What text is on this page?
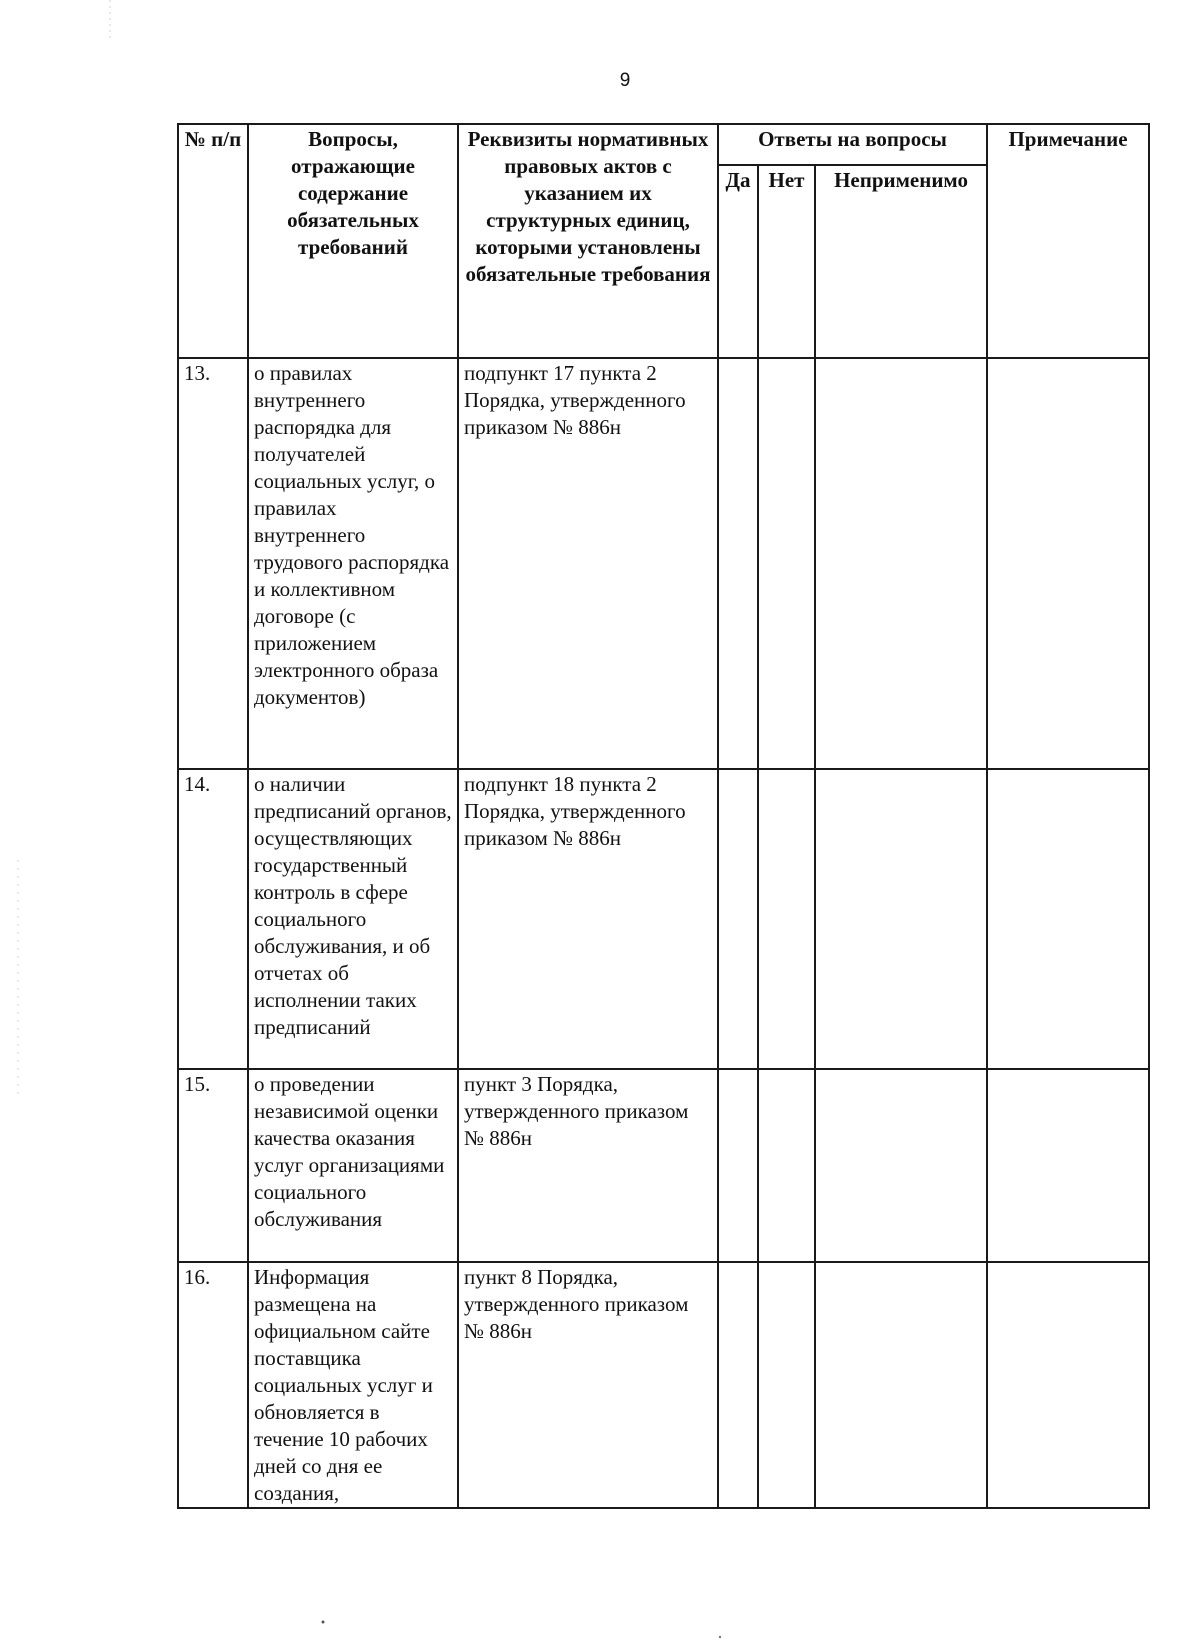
9
№ п/п	Вопросы, отражающие содержание обязательных требований	Реквизиты нормативных правовых актов с указанием их структурных единиц, которыми установлены обязательные требования	Ответы на вопросы			Примечание
			Да	Нет	Неприменимо	
13.	о правилах внутреннего распорядка для получателей социальных услуг, о правилах внутреннего трудового распорядка и коллективном договоре (с приложением электронного образа документов)	подпункт 17 пункта 2 Порядка, утвержденного приказом № 886н				
14.	о наличии предписаний органов, осуществляющих государственный контроль в сфере социального обслуживания, и об отчетах об исполнении таких предписаний	подпункт 18 пункта 2 Порядка, утвержденного приказом № 886н				
15.	о проведении независимой оценки качества оказания услуг организациями социального обслуживания	пункт 3 Порядка, утвержденного приказом № 886н				
16.	Информация размещена на официальном сайте поставщика социальных услуг и обновляется в течение 10 рабочих дней со дня ее создания,	пункт 8 Порядка, утвержденного приказом № 886н				
